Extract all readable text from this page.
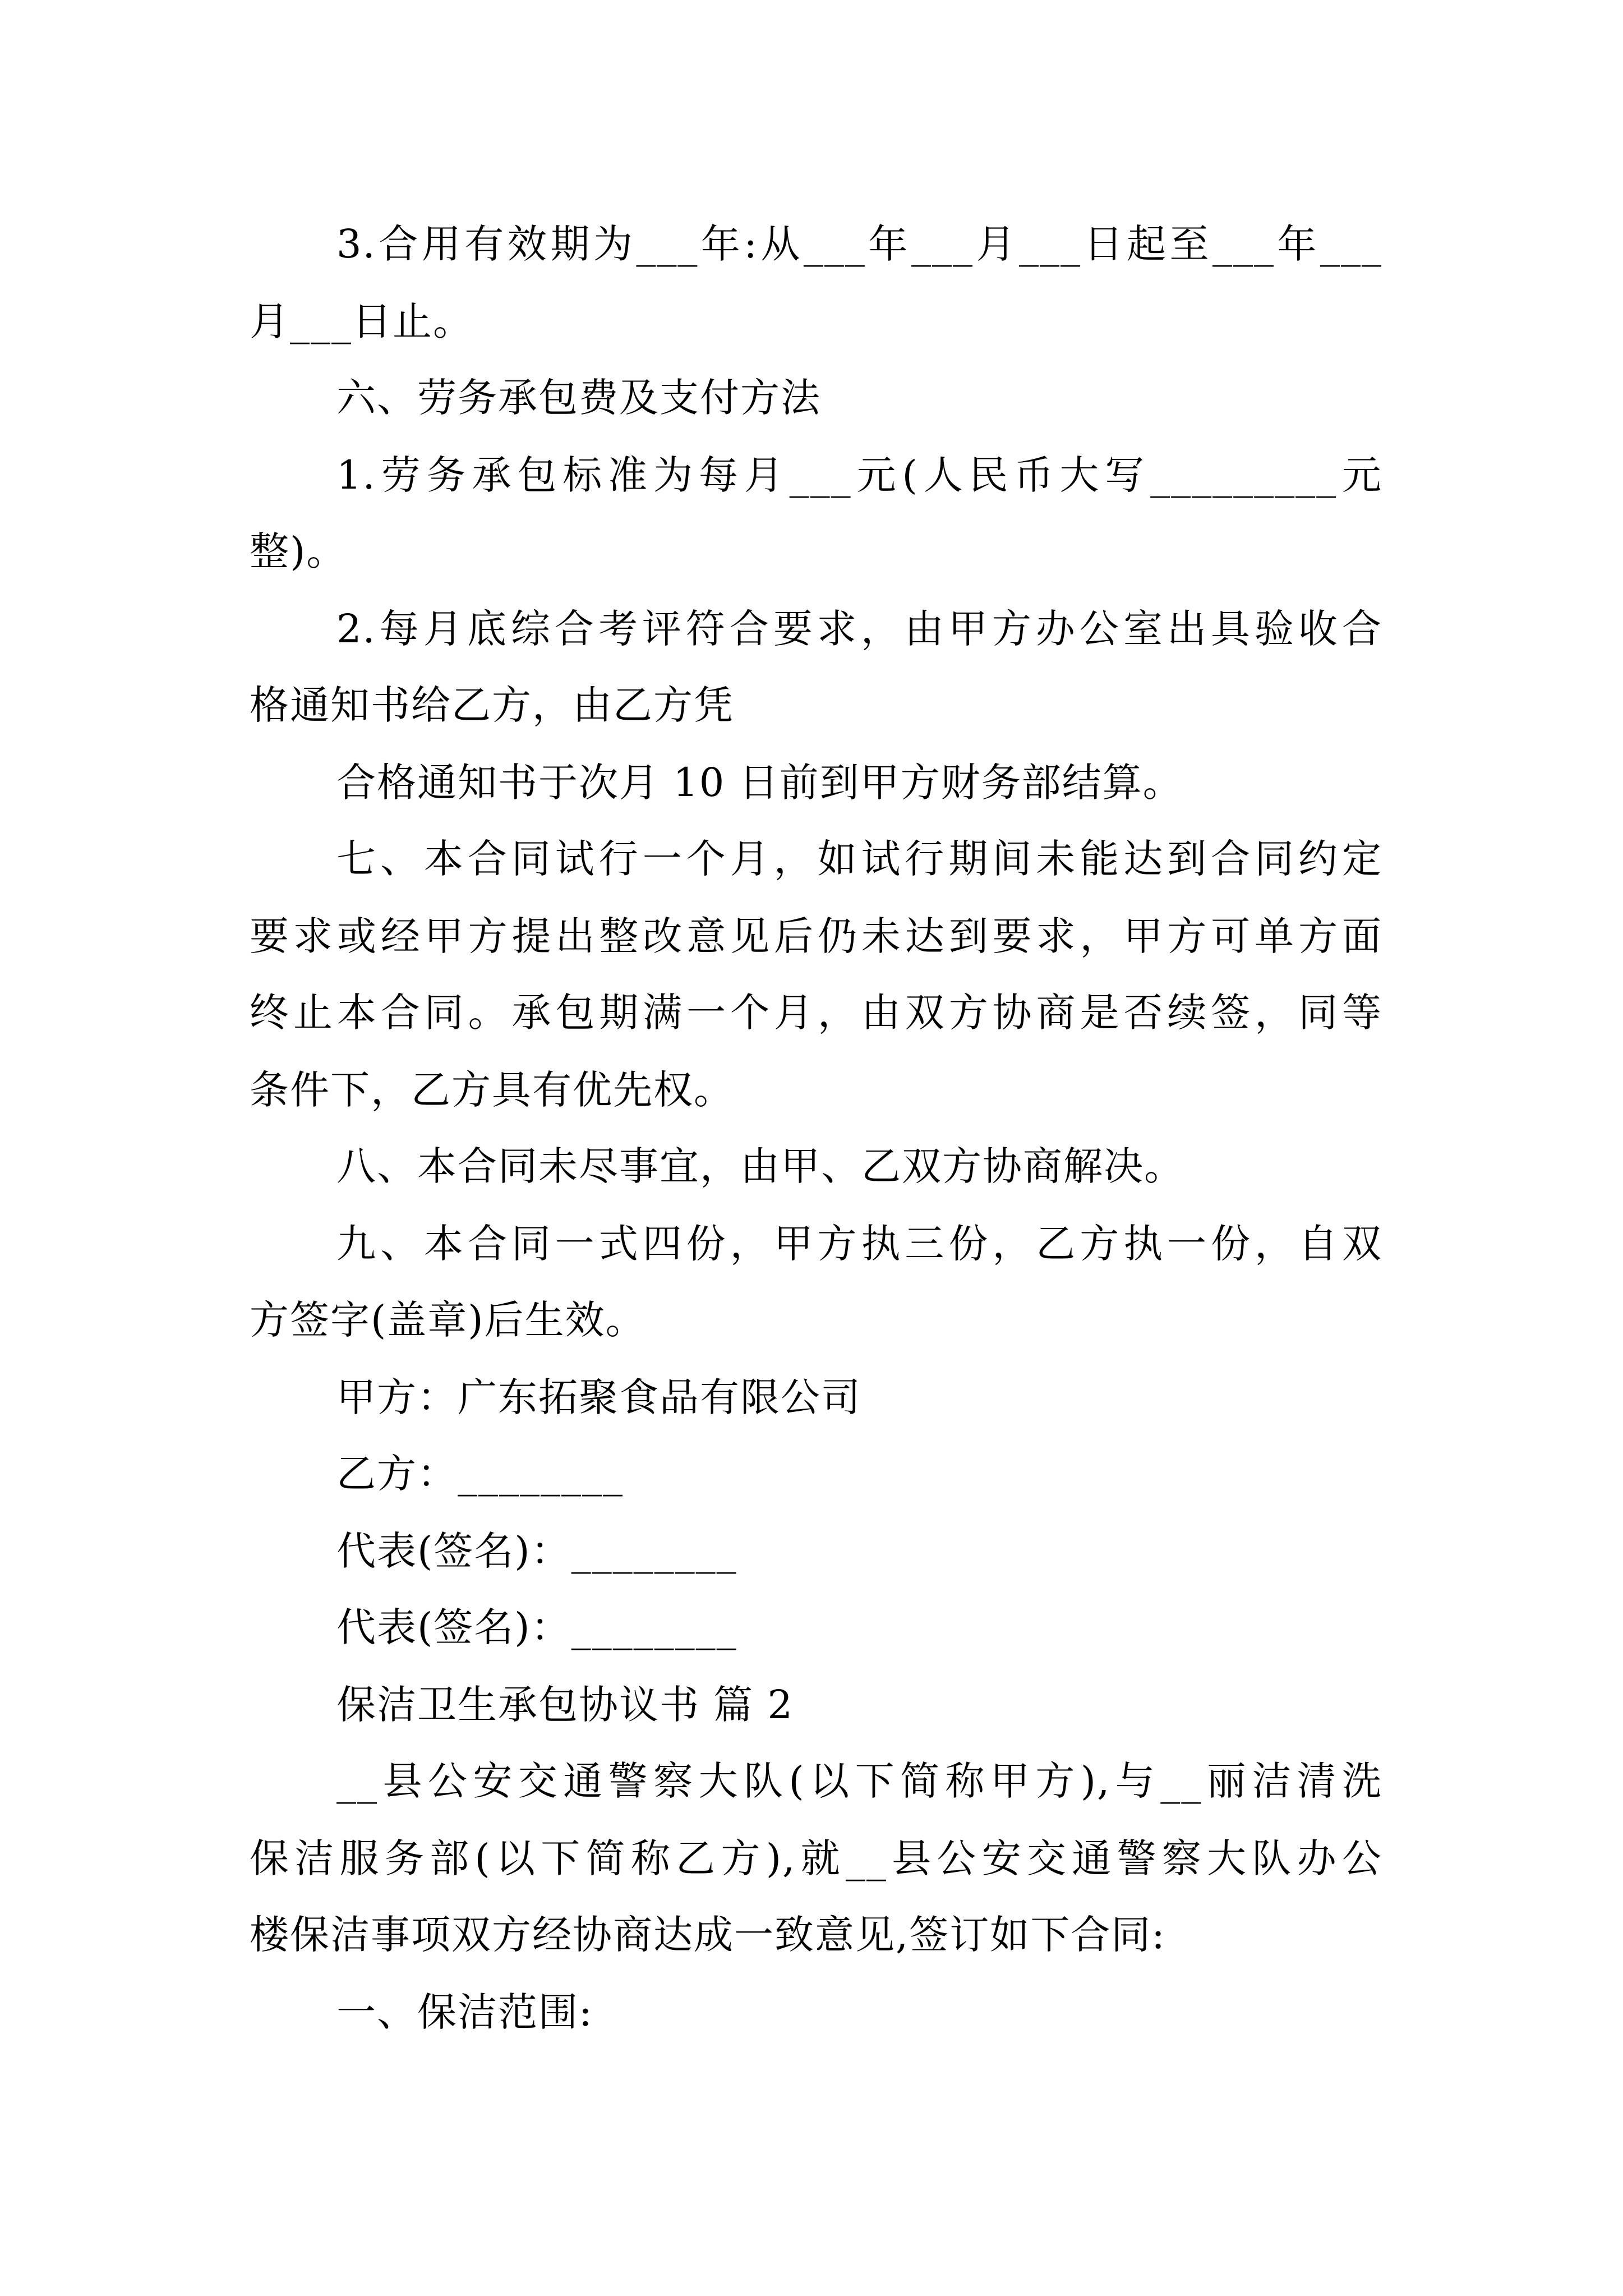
3.合用有效期为___年:从___年___月___日起至___年___
月___日止。
六、劳务承包费及支付方法
1.劳务承包标准为每月___元(人民币大写_________元
整)。
2.每月底综合考评符合要求，由甲方办公室出具验收合
格通知书给乙方，由乙方凭
合格通知书于次月 10 日前到甲方财务部结算。
七、本合同试行一个月，如试行期间未能达到合同约定
要求或经甲方提出整改意见后仍未达到要求，甲方可单方面
终止本合同。承包期满一个月，由双方协商是否续签，同等
条件下，乙方具有优先权。
八、本合同未尽事宜，由甲、乙双方协商解决。
九、本合同一式四份，甲方执三份，乙方执一份，自双
方签字(盖章)后生效。
甲方：广东拓聚食品有限公司
乙方：________
代表(签名)：________
代表(签名)：________
保洁卫生承包协议书 篇 2
__县公安交通警察大队(以下简称甲方),与__丽洁清洗
保洁服务部(以下简称乙方),就__县公安交通警察大队办公
楼保洁事项双方经协商达成一致意见,签订如下合同:
一、保洁范围:
